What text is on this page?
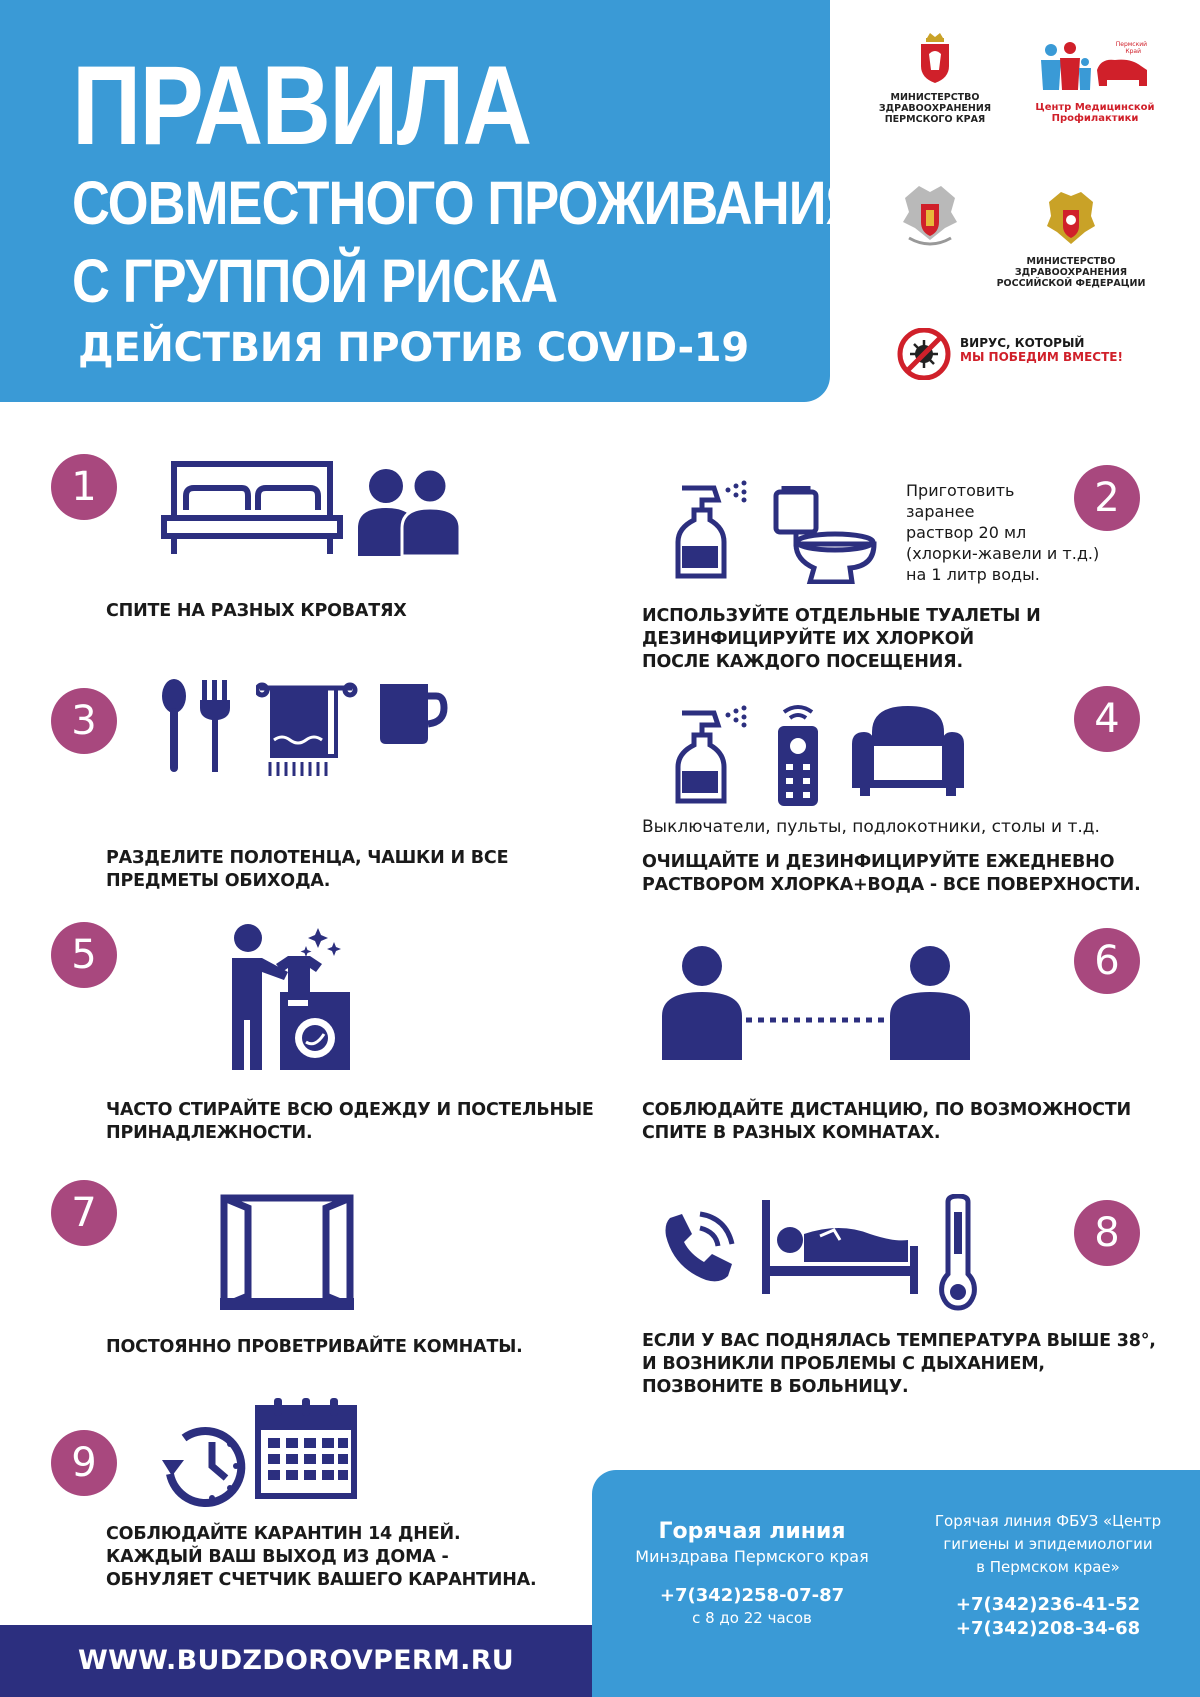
ПРАВИЛА
СОВМЕСТНОГО ПРОЖИВАНИЯ
С ГРУППОЙ РИСКА
ДЕЙСТВИЯ ПРОТИВ COVID-19
МИНИСТЕРСТВО
ЗДРАВООХРАНЕНИЯ
ПЕРМСКОГО КРАЯ
Пермский
Край
Центр Медицинской
Профилактики
МИНИСТЕРСТВО
ЗДРАВООХРАНЕНИЯ
РОССИЙСКОЙ ФЕДЕРАЦИИ
ВИРУС, КОТОРЫЙ
МЫ ПОБЕДИМ ВМЕСТЕ!
1
СПИТЕ НА РАЗНЫХ КРОВАТЯХ
Приготовить
заранее
раствор 20 мл
(хлорки-жавели и т.д.)
на 1 литр воды.
2
ИСПОЛЬЗУЙТЕ ОТДЕЛЬНЫЕ ТУАЛЕТЫ И
ДЕЗИНФИЦИРУЙТЕ ИХ ХЛОРКОЙ
ПОСЛЕ КАЖДОГО ПОСЕЩЕНИЯ.
3
РАЗДЕЛИТЕ ПОЛОТЕНЦА, ЧАШКИ И ВСЕ
ПРЕДМЕТЫ ОБИХОДА.
4
Выключатели, пульты, подлокотники, столы и т.д.
ОЧИЩАЙТЕ И ДЕЗИНФИЦИРУЙТЕ ЕЖЕДНЕВНО
РАСТВОРОМ ХЛОРКА+ВОДА - ВСЕ ПОВЕРХНОСТИ.
5
ЧАСТО СТИРАЙТЕ ВСЮ ОДЕЖДУ И ПОСТЕЛЬНЫЕ
ПРИНАДЛЕЖНОСТИ.
6
СОБЛЮДАЙТЕ ДИСТАНЦИЮ, ПО ВОЗМОЖНОСТИ
СПИТЕ В РАЗНЫХ КОМНАТАХ.
7
ПОСТОЯННО ПРОВЕТРИВАЙТЕ КОМНАТЫ.
8
ЕСЛИ У ВАС ПОДНЯЛАСЬ ТЕМПЕРАТУРА ВЫШЕ 38°,
И ВОЗНИКЛИ ПРОБЛЕМЫ С ДЫХАНИЕМ,
ПОЗВОНИТЕ В БОЛЬНИЦУ.
9
СОБЛЮДАЙТЕ КАРАНТИН 14 ДНЕЙ.
КАЖДЫЙ ВАШ ВЫХОД ИЗ ДОМА -
ОБНУЛЯЕТ СЧЕТЧИК ВАШЕГО КАРАНТИНА.
Горячая линия
Минздрава Пермского края
+7(342)258-07-87
с 8 до 22 часов
Горячая линия ФБУЗ «Центр
гигиены и эпидемиологии
в Пермском крае»
+7(342)236-41-52
+7(342)208-34-68
WWW.BUDZDOROVPERM.RU
